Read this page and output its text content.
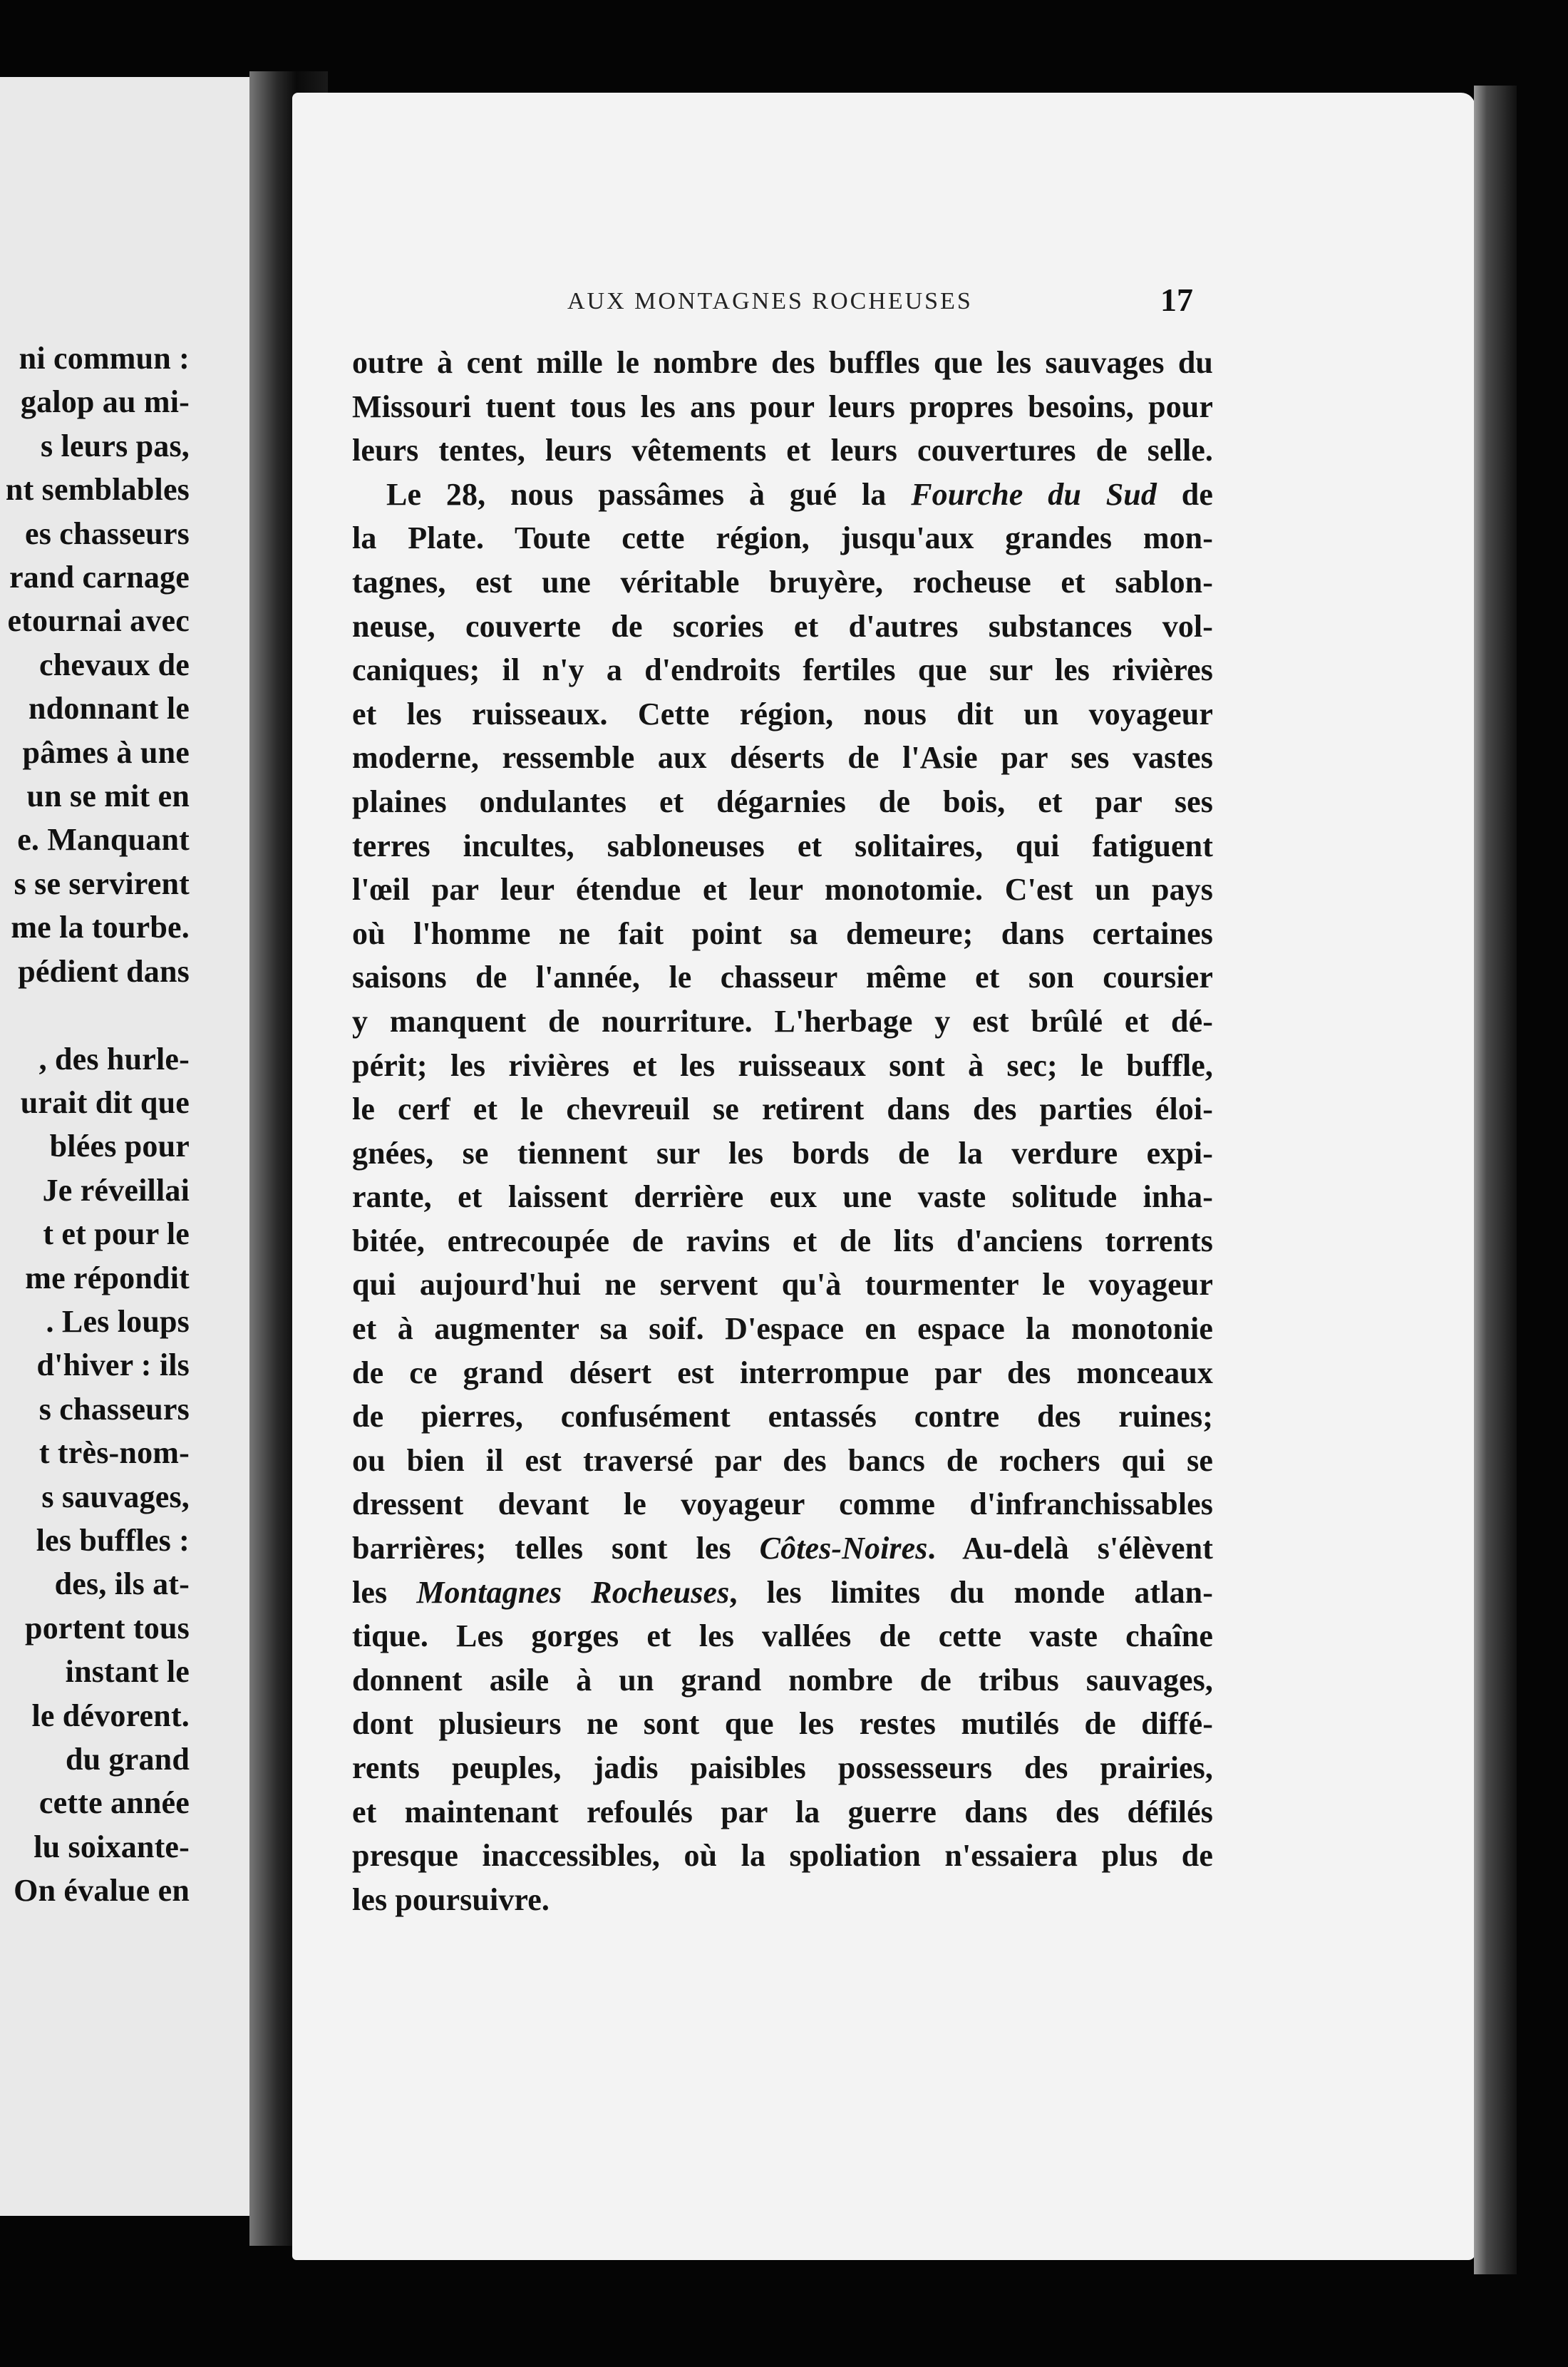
ni commun :
galop au mi-
s leurs pas,
nt semblables
es chasseurs
rand carnage
etournai avec
chevaux de
ndonnant le
pâmes à une
un se mit en
e. Manquant
s se servirent
me la tourbe.
pédient dans

, des hurle-
urait dit que
blées pour
Je réveillai
t et pour le
me répondit
. Les loups
d'hiver : ils
s chasseurs
t très-nom-
s sauvages,
les buffles :
des, ils at-
portent tous
instant le
le dévorent.
du grand
cette année
lu soixante-
On évalue en
AUX MONTAGNES ROCHEUSES	17
outre à cent mille le nombre des buffles que les sauvages du
Missouri tuent tous les ans pour leurs propres besoins, pour
leurs tentes, leurs vêtements et leurs couvertures de selle.
Le 28, nous passâmes à gué la Fourche du Sud de
la Plate. Toute cette région, jusqu'aux grandes mon-
tagnes, est une véritable bruyère, rocheuse et sablon-
neuse, couverte de scories et d'autres substances vol-
caniques; il n'y a d'endroits fertiles que sur les rivières
et les ruisseaux. Cette région, nous dit un voyageur
moderne, ressemble aux déserts de l'Asie par ses vastes
plaines ondulantes et dégarnies de bois, et par ses
terres incultes, sabloneuses et solitaires, qui fatiguent
l'œil par leur étendue et leur monotomie. C'est un pays
où l'homme ne fait point sa demeure; dans certaines
saisons de l'année, le chasseur même et son coursier
y manquent de nourriture. L'herbage y est brûlé et dé-
périt; les rivières et les ruisseaux sont à sec; le buffle,
le cerf et le chevreuil se retirent dans des parties éloi-
gnées, se tiennent sur les bords de la verdure expi-
rante, et laissent derrière eux une vaste solitude inha-
bitée, entrecoupée de ravins et de lits d'anciens torrents
qui aujourd'hui ne servent qu'à tourmenter le voyageur
et à augmenter sa soif. D'espace en espace la monotonie
de ce grand désert est interrompue par des monceaux
de pierres, confusément entassés contre des ruines;
ou bien il est traversé par des bancs de rochers qui se
dressent devant le voyageur comme d'infranchissables
barrières; telles sont les Côtes-Noires. Au-delà s'élèvent
les Montagnes Rocheuses, les limites du monde atlan-
tique. Les gorges et les vallées de cette vaste chaîne
donnent asile à un grand nombre de tribus sauvages,
dont plusieurs ne sont que les restes mutilés de diffé-
rents peuples, jadis paisibles possesseurs des prairies,
et maintenant refoulés par la guerre dans des défilés
presque inaccessibles, où la spoliation n'essaiera plus de
les poursuivre.
